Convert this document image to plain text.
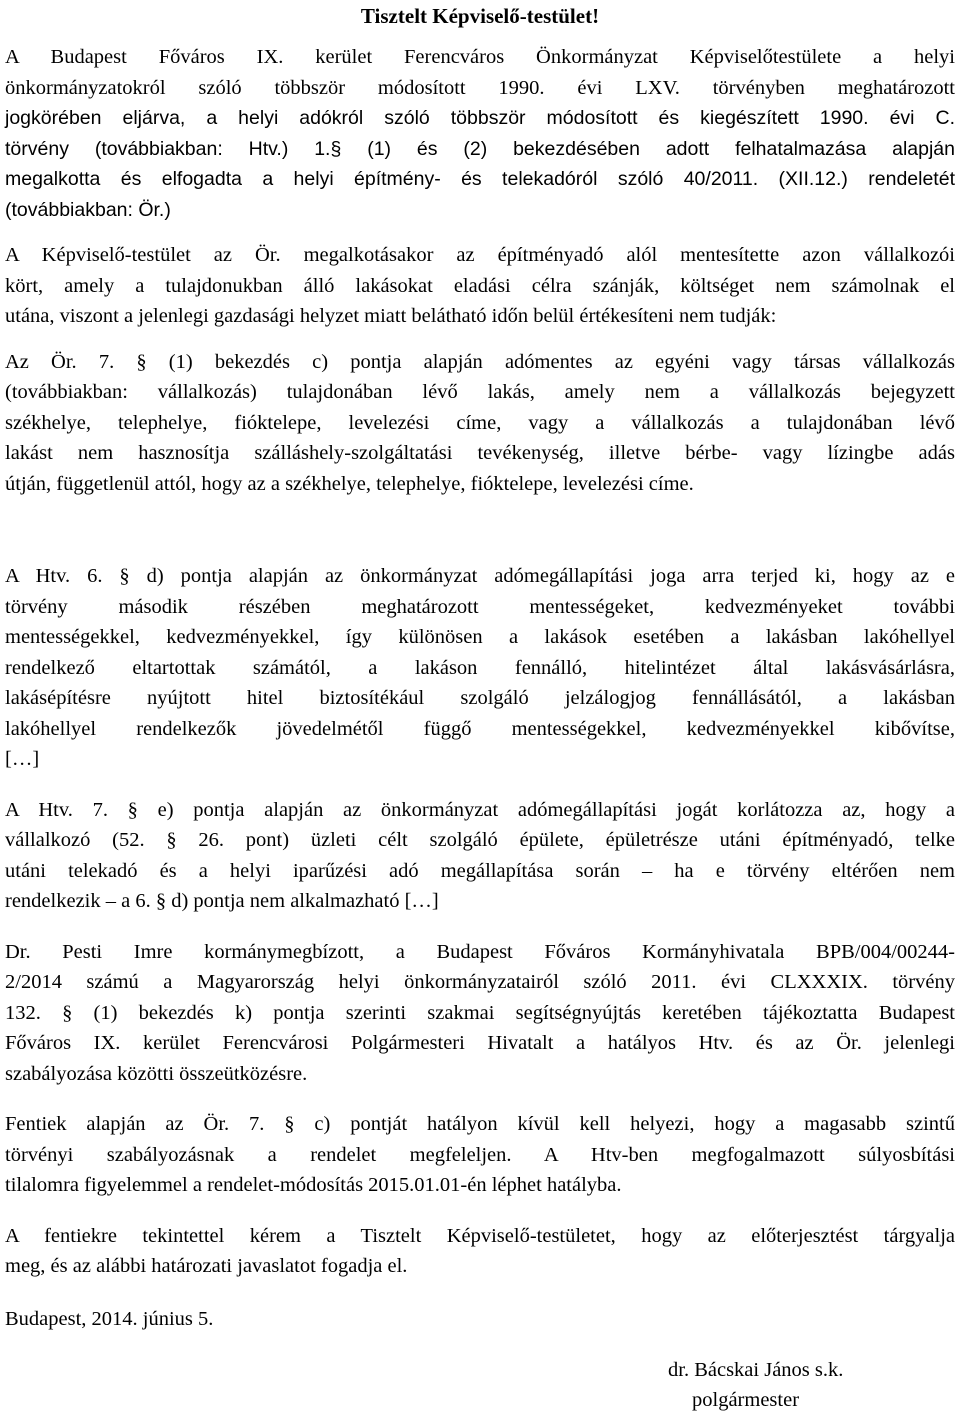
Tisztelt Képviselő-testület!
A Budapest Főváros IX. kerület Ferencváros Önkormányzat Képviselőtestülete a helyi
önkormányzatokról szóló többször módosított 1990. évi LXV. törvényben meghatározott
jogkörében eljárva, a helyi adókról szóló többször módosított és kiegészített 1990. évi C.
törvény (továbbiakban: Htv.) 1.§ (1) és (2) bekezdésében adott felhatalmazása alapján
megalkotta és elfogadta a helyi építmény- és telekadóról szóló 40/2011. (XII.12.) rendeletét
(továbbiakban: Ör.)
A Képviselő-testület az Ör. megalkotásakor az építményadó alól mentesítette azon vállalkozói
kört, amely a tulajdonukban álló lakásokat eladási célra szánják, költséget nem számolnak el
utána, viszont a jelenlegi gazdasági helyzet miatt belátható időn belül értékesíteni nem tudják:
Az Ör. 7. § (1) bekezdés c) pontja alapján adómentes az egyéni vagy társas vállalkozás
(továbbiakban: vállalkozás) tulajdonában lévő lakás, amely nem a vállalkozás bejegyzett
székhelye, telephelye, fióktelepe, levelezési címe, vagy a vállalkozás a tulajdonában lévő
lakást nem hasznosítja szálláshely-szolgáltatási tevékenység, illetve bérbe- vagy lízingbe adás
útján, függetlenül attól, hogy az a székhelye, telephelye, fióktelepe, levelezési címe.
A Htv. 6. § d) pontja alapján az önkormányzat adómegállapítási joga arra terjed ki, hogy az e
törvény második részében meghatározott mentességeket, kedvezményeket további
mentességekkel, kedvezményekkel, így különösen a lakások esetében a lakásban lakóhellyel
rendelkező eltartottak számától, a lakáson fennálló, hitelintézet által lakásvásárlásra,
lakásépítésre nyújtott hitel biztosítékául szolgáló jelzálogjog fennállásától, a lakásban
lakóhellyel rendelkezők jövedelmétől függő mentességekkel, kedvezményekkel kibővítse,
[…]
A Htv. 7. § e) pontja alapján az önkormányzat adómegállapítási jogát korlátozza az, hogy a
vállalkozó (52. § 26. pont) üzleti célt szolgáló épülete, épületrésze utáni építményadó, telke
utáni telekadó és a helyi iparűzési adó megállapítása során – ha e törvény eltérően nem
rendelkezik – a 6. § d) pontja nem alkalmazható […]
Dr. Pesti Imre kormánymegbízott, a Budapest Főváros Kormányhivatala BPB/004/00244-
2/2014 számú a Magyarország helyi önkormányzatairól szóló 2011. évi CLXXXIX. törvény
132. § (1) bekezdés k) pontja szerinti szakmai segítségnyújtás keretében tájékoztatta Budapest
Főváros IX. kerület Ferencvárosi Polgármesteri Hivatalt a hatályos Htv. és az Ör. jelenlegi
szabályozása közötti összeütközésre.
Fentiek alapján az Ör. 7. § c) pontját hatályon kívül kell helyezi, hogy a magasabb szintű
törvényi szabályozásnak a rendelet megfeleljen. A Htv-ben megfogalmazott súlyosbítási
tilalomra figyelemmel a rendelet-módosítás 2015.01.01-én léphet hatályba.
A fentiekre tekintettel kérem a Tisztelt Képviselő-testületet, hogy az előterjesztést tárgyalja
meg, és az alábbi határozati javaslatot fogadja el.
Budapest, 2014. június 5.
dr. Bácskai János s.k.
polgármester
